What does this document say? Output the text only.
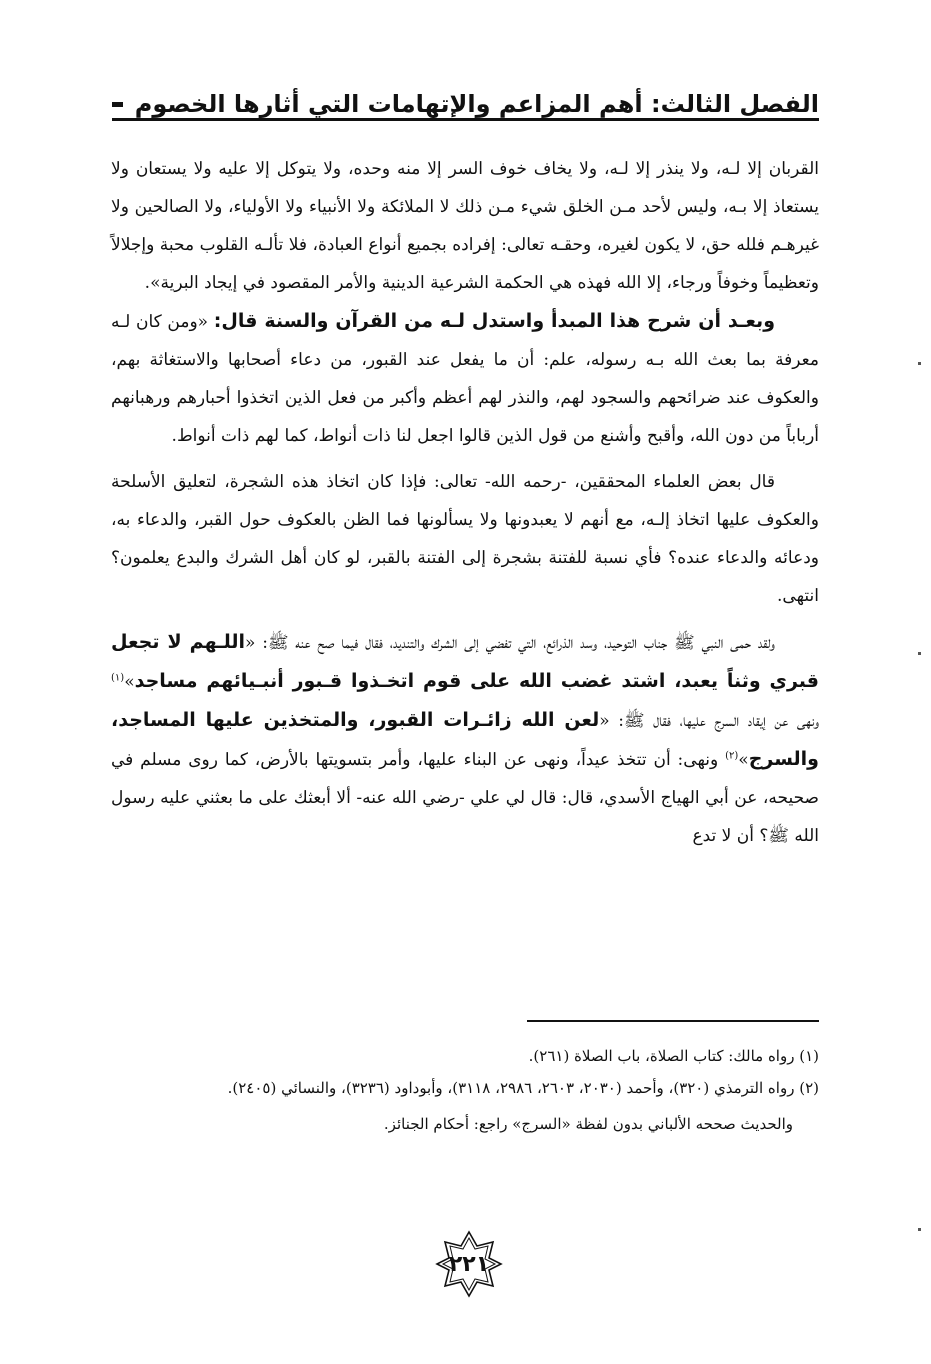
الفصل الثالث: أهم المزاعم والإتهامات التي أثارها الخصوم

القربان إلا لـه، ولا ينذر إلا لـه، ولا يخاف خوف السر إلا منه وحده، ولا يتوكل إلا عليه ولا يستعان ولا يستعاذ إلا بـه، وليس لأحد مـن الخلق شيء مـن ذلك لا الملائكة ولا الأنبياء ولا الأولياء، ولا الصالحين ولا غيرهـم فلله حق، لا يكون لغيره، وحقـه تعالى: إفراده بجميع أنواع العبادة، فلا تألـه القلوب محبة وإجلالاً وتعظيماً وخوفاً ورجاء، إلا الله فهذه هي الحكمة الشرعية الدينية والأمر المقصود في إيجاد البرية».

وبعـد أن شرح هذا المبدأ واستدل لـه من القرآن والسنة قال: «ومن كان لـه معرفة بما بعث الله بـه رسوله، علم: أن ما يفعل عند القبور، من دعاء أصحابها والاستغاثة بهم، والعكوف عند ضرائحهم والسجود لهم، والنذر لهم أعظم وأكبر من فعل الذين اتخذوا أحبارهم ورهبانهم أرباباً من دون الله، وأقبح وأشنع من قول الذين قالوا اجعل لنا ذات أنواط، كما لهم ذات أنواط.

قال بعض العلماء المحققين، -رحمه الله- تعالى: فإذا كان اتخاذ هذه الشجرة، لتعليق الأسلحة والعكوف عليها اتخاذ إلـه، مع أنهم لا يعبدونها ولا يسألونها فما الظن بالعكوف حول القبر، والدعاء به، ودعائه والدعاء عنده؟ فأي نسبة للفتنة بشجرة إلى الفتنة بالقبر، لو كان أهل الشرك والبدع يعلمون؟ انتهى.

ولقد حمى النبي ﷺ جناب التوحيد، وسد الذرائع، التي تفضي إلى الشرك والتنديد، فقال فيما صح عنه ﷺ: «اللـهم لا تجعل قبري وثناً يعبد، اشتد غضب الله على قوم اتخـذوا قـبور أنبـيائهم مساجد»$^{(١)}$ ونهى عن إيقاد السرج عليها، فقال ﷺ: «لعن الله زائـرات القبور، والمتخذين عليها المساجد، والسرج»$^{(٢)}$ ونهى: أن تتخذ عيداً، ونهى عن البناء عليها، وأمر بتسويتها بالأرض، كما روى مسلم في صحيحه، عن أبي الهياج الأسدي، قال: قال لي علي -رضي الله عنه- ألا أبعثك على ما بعثني عليه رسول الله ﷺ؟ أن لا تدع

(١) رواه مالك: كتاب الصلاة، باب الصلاة (٢٦١).

(٢) رواه الترمذي (٣٢٠)، وأحمد (٢٠٣٠، ٢٦٠٣، ٢٩٨٦، ٣١١٨)، وأبوداود (٣٢٣٦)، والنسائي (٢٤٠٥).

والحديث صححه الألباني بدون لفظة «السرج» راجع: أحكام الجنائز.

٢٢١
